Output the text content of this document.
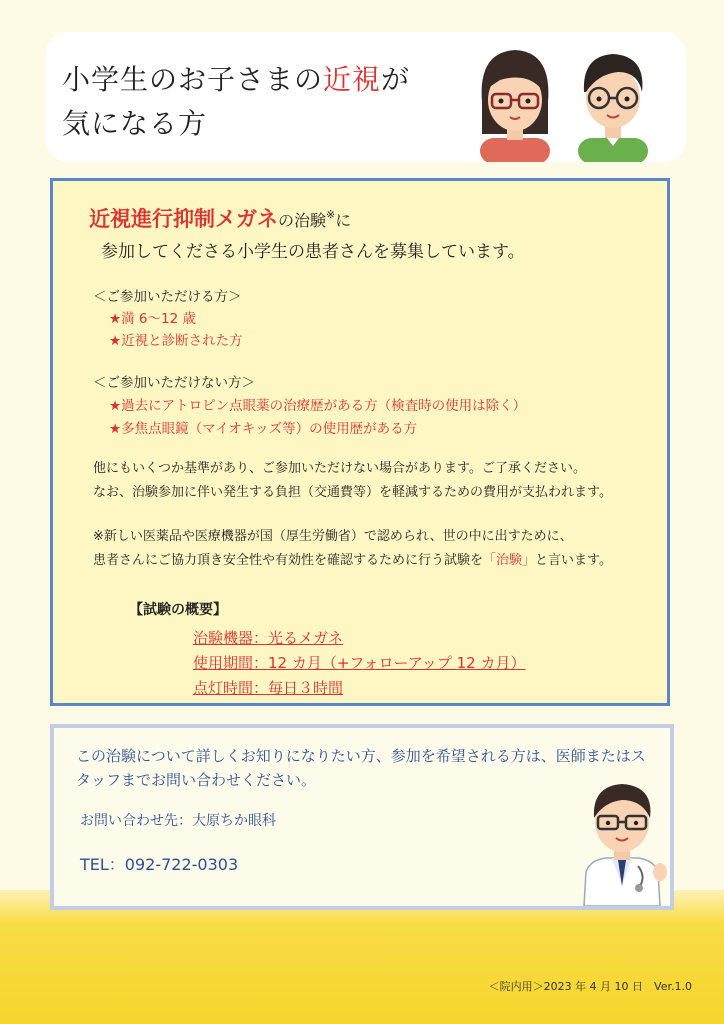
小学生のお子さまの近視が
気になる方
近視進行抑制メガネの治験※に
参加してくださる小学生の患者さんを募集しています。
＜ご参加いただける方＞
★満 6～12 歳
★近視と診断された方
＜ご参加いただけない方＞
★過去にアトロピン点眼薬の治療歴がある方（検査時の使用は除く）
★多焦点眼鏡（マイオキッズ等）の使用歴がある方
他にもいくつか基準があり、ご参加いただけない場合があります。ご了承ください。
なお、治験参加に伴い発生する負担（交通費等）を軽減するための費用が支払われます。
※新しい医薬品や医療機器が国（厚生労働省）で認められ、世の中に出すために、
患者さんにご協力頂き安全性や有効性を確認するために行う試験を「治験」と言います。
【試験の概要】
治験機器：光るメガネ
使用期間：12 カ月（+フォローアップ 12 カ月）
点灯時間：毎日３時間
この治験について詳しくお知りになりたい方、参加を希望される方は、医師またはスタッフまでお問い合わせください。
お問い合わせ先：大原ちか眼科
TEL：092-722-0303
＜院内用＞2023 年 4 月 10 日　Ver.1.0
